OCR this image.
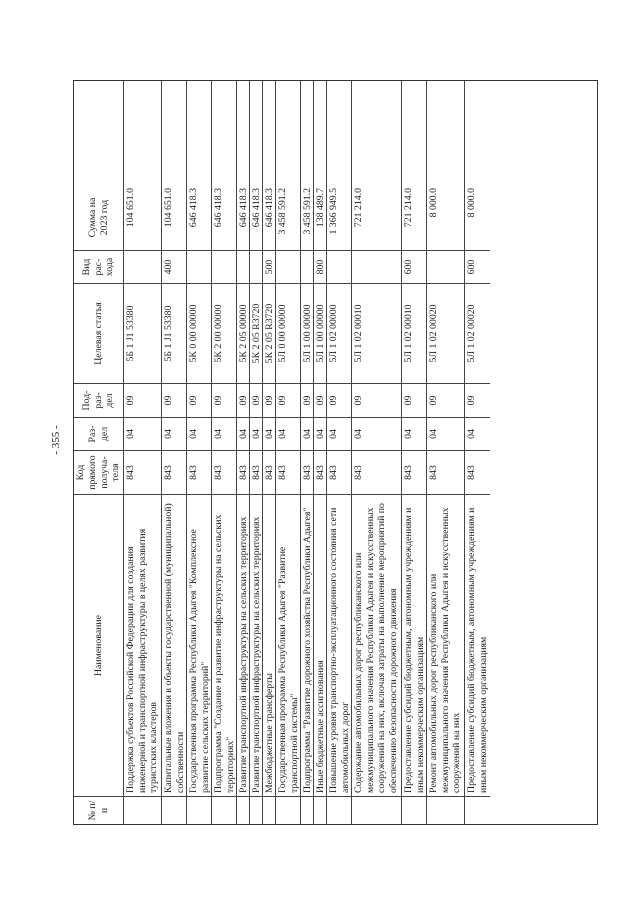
- 355 -
№ п/п
Наименование
Код прямого получа-теля
Раз-дел
Под-раз-дел
Целевая статья
Вид рас-хода
Сумма на 2023 год
Поддержка субъектов Российской Федерации для создания инженерной и транспортной инфраструктуры в целях развития туристских кластеров
843
04
09
5Б 1 J1 53380
104 651.0
Капитальные вложения в объекты государственной (муниципальной) собственности
843
04
09
5Б 1 J1 53380
400
104 651.0
Государственная программа Республики Адыгея "Комплексное развитие сельских территорий"
843
04
09
5К 0 00 00000
646 418.3
Подпрограмма "Создание и развитие инфраструктуры на сельских территориях"
843
04
09
5К 2 00 00000
646 418.3
Развитие транспортной инфраструктуры на сельских территориях
843
04
09
5К 2 05 00000
646 418.3
Развитие транспортной инфраструктуры на сельских территориях
843
04
09
5К 2 05 R3720
646 418.3
Межбюджетные трансферты
843
04
09
5К 2 05 R3720
500
646 418.3
Государственная программа Республики Адыгея "Развитие транспортной системы"
843
04
09
5Л 0 00 00000
3 458 591.2
Подпрограмма "Развитие дорожного хозяйства Республики Адыгея"
843
04
09
5Л 1 00 00000
3 458 591.2
Иные бюджетные ассигнования
843
04
09
5Л 1 00 00000
800
138 489.7
Повышение уровня транспортно-эксплуатационного состояния сети автомобильных дорог
843
04
09
5Л 1 02 00000
1 366 949.5
Содержание автомобильных дорог республиканского или межмуниципального значения Республики Адыгея и искусственных сооружений на них, включая затраты на выполнение мероприятий по обеспечению безопасности дорожного движения
843
04
09
5Л 1 02 00010
721 214.0
Предоставление субсидий бюджетным, автономным учреждениям и иным некоммерческим организациям
843
04
09
5Л 1 02 00010
600
721 214.0
Ремонт автомобильных дорог республиканского или межмуниципального значения Республики Адыгея и искусственных сооружений на них
843
04
09
5Л 1 02 00020
8 000.0
Предоставление субсидий бюджетным, автономным учреждениям и иным некоммерческим организациям
843
04
09
5Л 1 02 00020
600
8 000.0
